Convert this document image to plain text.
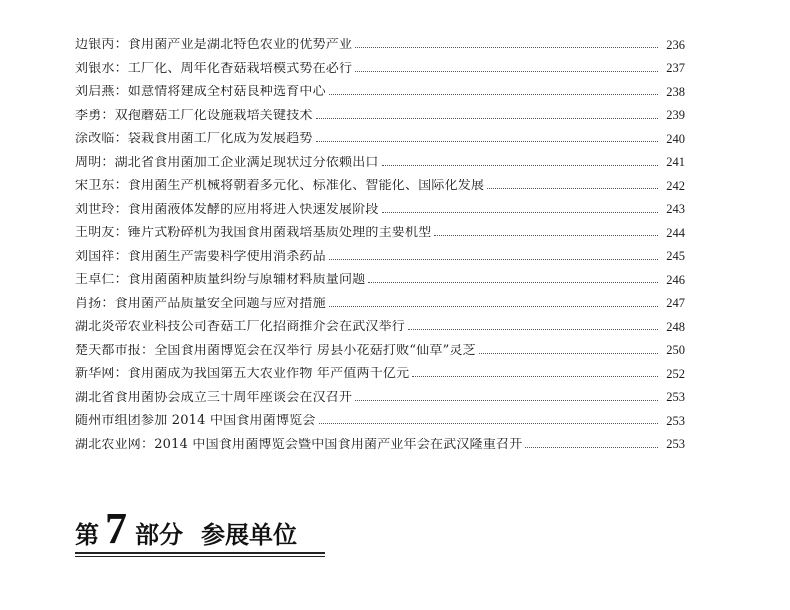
边银丙：食用菌产业是湖北特色农业的优势产业	236
刘银水：工厂化、周年化香菇栽培模式势在必行	237
刘启燕：如意情将建成全村菇良种选育中心	238
李勇：双孢蘑菇工厂化设施栽培关键技术	239
涂改临：袋栽食用菌工厂化成为发展趋势	240
周明：湖北省食用菌加工企业满足现状过分依赖出口	241
宋卫东：食用菌生产机械将朝着多元化、标准化、智能化、国际化发展	242
刘世玲：食用菌液体发酵的应用将进入快速发展阶段	243
王明友：锤片式粉碎机为我国食用菌栽培基质处理的主要机型	244
刘国祥：食用菌生产需要科学使用消杀药品	245
王卓仁：食用菌菌种质量纠纷与原辅材料质量问题	246
肖扬：食用菌产品质量安全问题与应对措施	247
湖北炎帝农业科技公司香菇工厂化招商推介会在武汉举行	248
楚天都市报：全国食用菌博览会在汉举行 房县小花菇打败“仙草”灵芝	250
新华网：食用菌成为我国第五大农业作物 年产值两千亿元	252
湖北省食用菌协会成立三十周年座谈会在汉召开	253
随州市组团参加 2014 中国食用菌博览会	253
湖北农业网：2014 中国食用菌博览会暨中国食用菌产业年会在武汉隆重召开	253
第 7 部分 参展单位
